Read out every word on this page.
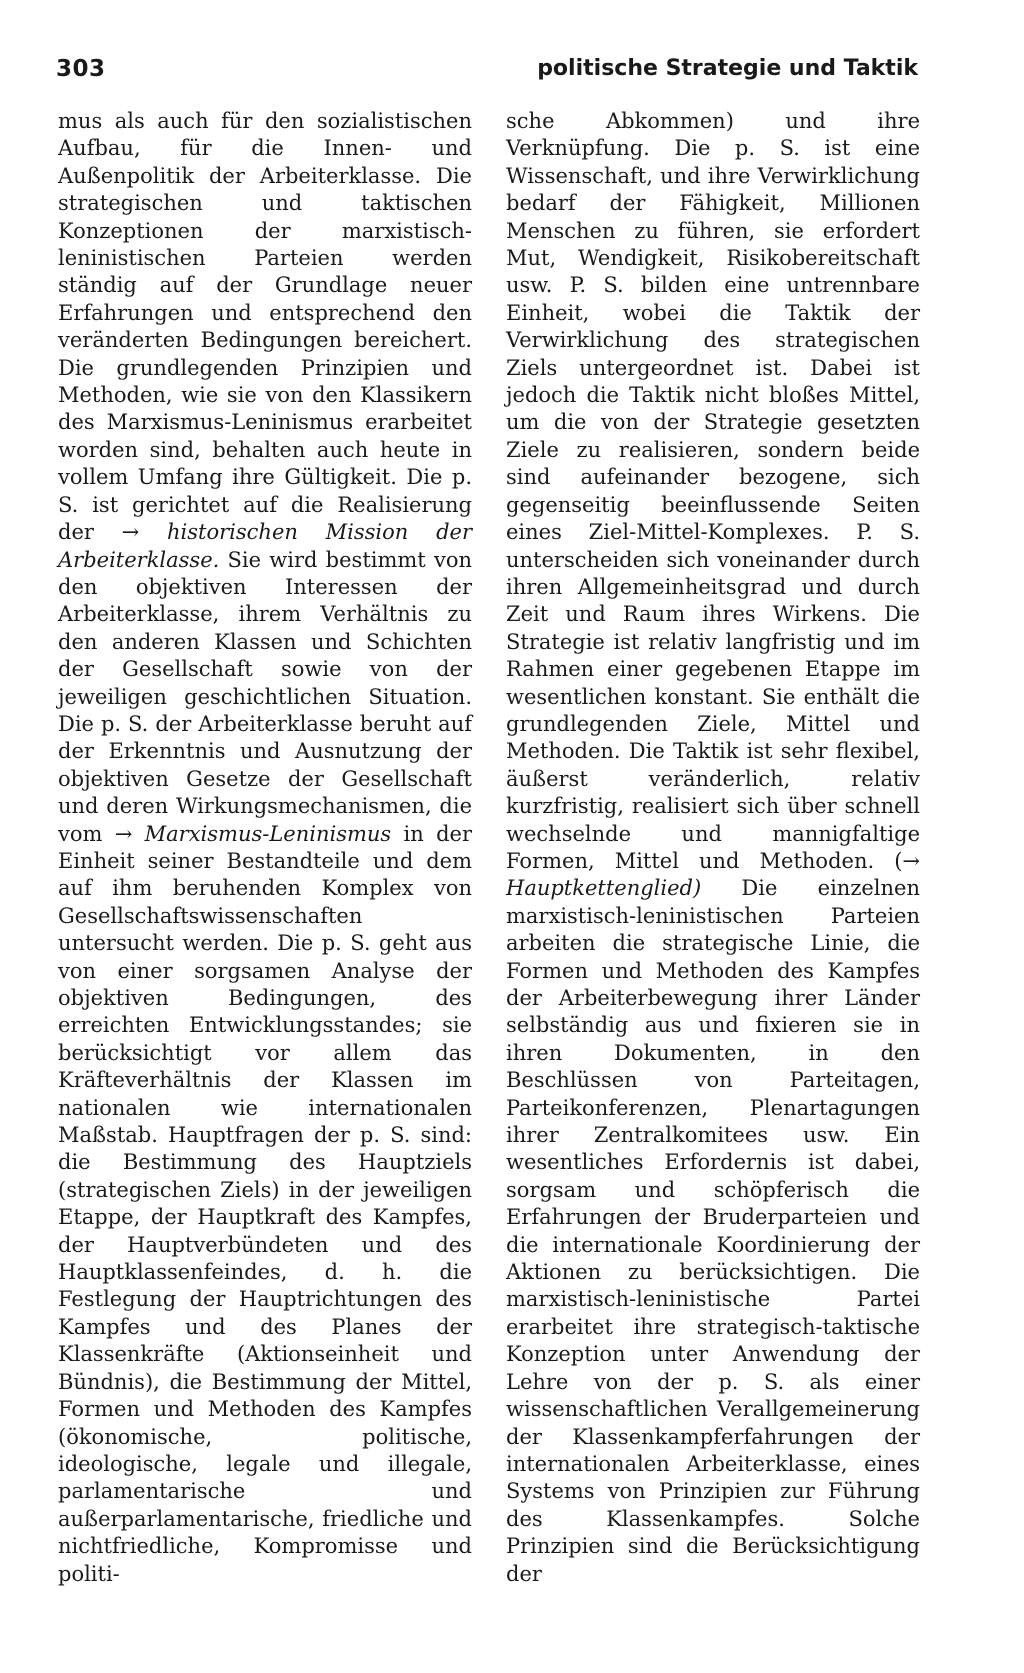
303	politische Strategie und Taktik

mus als auch für den sozialistischen Aufbau, für die Innen- und Außenpolitik der Arbeiterklasse. Die strategischen und taktischen Konzeptionen der marxistisch-leninistischen Parteien werden ständig auf der Grundlage neuer Erfahrungen und entsprechend den veränderten Bedingungen bereichert. Die grundlegenden Prinzipien und Methoden, wie sie von den Klassikern des Marxismus-Leninismus erarbeitet worden sind, behalten auch heute in vollem Umfang ihre Gültigkeit. Die p. S. ist gerichtet auf die Realisierung der → historischen Mission der Arbeiterklasse. Sie wird bestimmt von den objektiven Interessen der Arbeiterklasse, ihrem Verhältnis zu den anderen Klassen und Schichten der Gesellschaft sowie von der jeweiligen geschichtlichen Situation. Die p. S. der Arbeiterklasse beruht auf der Erkenntnis und Ausnutzung der objektiven Gesetze der Gesellschaft und deren Wirkungsmechanismen, die vom → Marxismus-Leninismus in der Einheit seiner Bestandteile und dem auf ihm beruhenden Komplex von Gesellschaftswissenschaften untersucht werden. Die p. S. geht aus von einer sorgsamen Analyse der objektiven Bedingungen, des erreichten Entwicklungsstandes; sie berücksichtigt vor allem das Kräfteverhältnis der Klassen im nationalen wie internationalen Maßstab. Hauptfragen der p. S. sind: die Bestimmung des Hauptziels (strategischen Ziels) in der jeweiligen Etappe, der Hauptkraft des Kampfes, der Hauptverbündeten und des Hauptklassenfeindes, d. h. die Festlegung der Hauptrichtungen des Kampfes und des Planes der Klassenkräfte (Aktionseinheit und Bündnis), die Bestimmung der Mittel, Formen und Methoden des Kampfes (ökonomische, politische, ideologische, legale und illegale, parlamentarische und außerparlamentarische, friedliche und nichtfriedliche, Kompromisse und politi-

sche Abkommen) und ihre Verknüpfung. Die p. S. ist eine Wissenschaft, und ihre Verwirklichung bedarf der Fähigkeit, Millionen Menschen zu führen, sie erfordert Mut, Wendigkeit, Risikobereitschaft usw. P. S. bilden eine untrennbare Einheit, wobei die Taktik der Verwirklichung des strategischen Ziels untergeordnet ist. Dabei ist jedoch die Taktik nicht bloßes Mittel, um die von der Strategie gesetzten Ziele zu realisieren, sondern beide sind aufeinander bezogene, sich gegenseitig beeinflussende Seiten eines Ziel-Mittel-Komplexes. P. S. unterscheiden sich voneinander durch ihren Allgemeinheitsgrad und durch Zeit und Raum ihres Wirkens. Die Strategie ist relativ langfristig und im Rahmen einer gegebenen Etappe im wesentlichen konstant. Sie enthält die grundlegenden Ziele, Mittel und Methoden. Die Taktik ist sehr flexibel, äußerst veränderlich, relativ kurzfristig, realisiert sich über schnell wechselnde und mannigfaltige Formen, Mittel und Methoden. (→ Hauptkettenglied) Die einzelnen marxistisch-leninistischen Parteien arbeiten die strategische Linie, die Formen und Methoden des Kampfes der Arbeiterbewegung ihrer Länder selbständig aus und fixieren sie in ihren Dokumenten, in den Beschlüssen von Parteitagen, Parteikonferenzen, Plenartagungen ihrer Zentralkomitees usw. Ein wesentliches Erfordernis ist dabei, sorgsam und schöpferisch die Erfahrungen der Bruderparteien und die internationale Koordinierung der Aktionen zu berücksichtigen. Die marxistisch-leninistische Partei erarbeitet ihre strategisch-taktische Konzeption unter Anwendung der Lehre von der p. S. als einer wissenschaftlichen Verallgemeinerung der Klassenkampferfahrungen der internationalen Arbeiterklasse, eines Systems von Prinzipien zur Führung des Klassenkampfes. Solche Prinzipien sind die Berücksichtigung der
